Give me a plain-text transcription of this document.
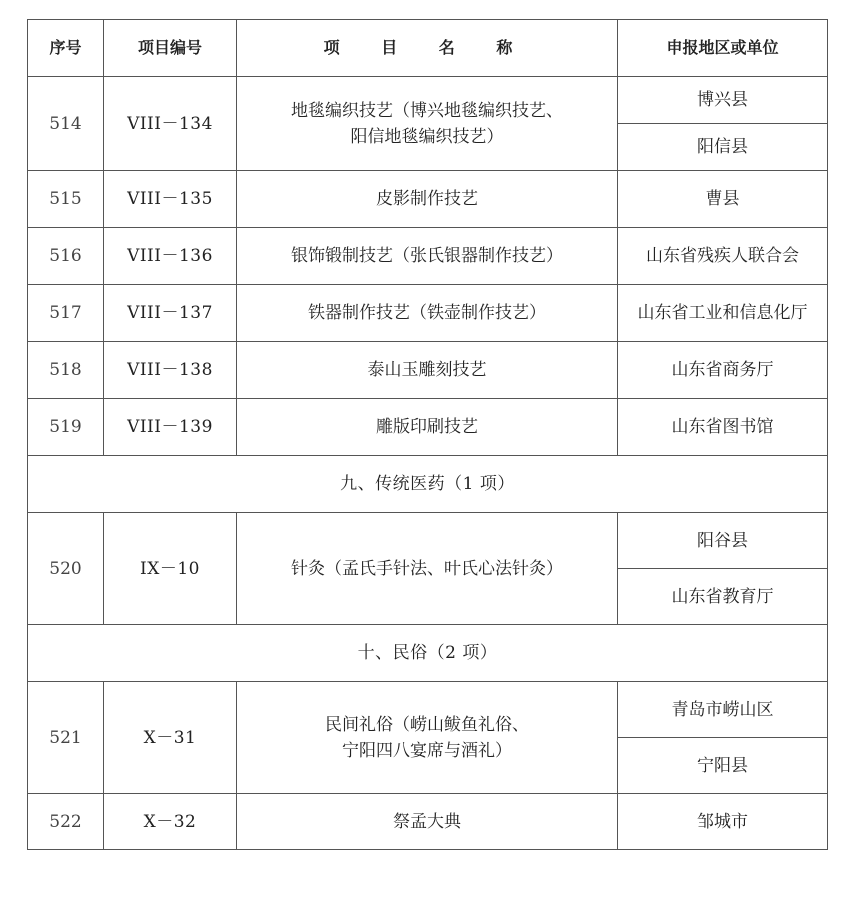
序号	项目编号	项 目 名 称	申报地区或单位
514	VIII－134	地毯编织技艺（博兴地毯编织技艺、
阳信地毯编织技艺）	博兴县
			阳信县
515	VIII－135	皮影制作技艺	曹县
516	VIII－136	银饰锻制技艺（张氏银器制作技艺）	山东省残疾人联合会
517	VIII－137	铁器制作技艺（铁壶制作技艺）	山东省工业和信息化厅
518	VIII－138	泰山玉雕刻技艺	山东省商务厅
519	VIII－139	雕版印刷技艺	山东省图书馆
九、传统医药（1 项）			
520	IX－10	针灸（孟氏手针法、叶氏心法针灸）	阳谷县
			山东省教育厅
十、民俗（2 项）			
521	X－31	民间礼俗（崂山鲅鱼礼俗、
宁阳四八宴席与酒礼）	青岛市崂山区
			宁阳县
522	X－32	祭孟大典	邹城市
